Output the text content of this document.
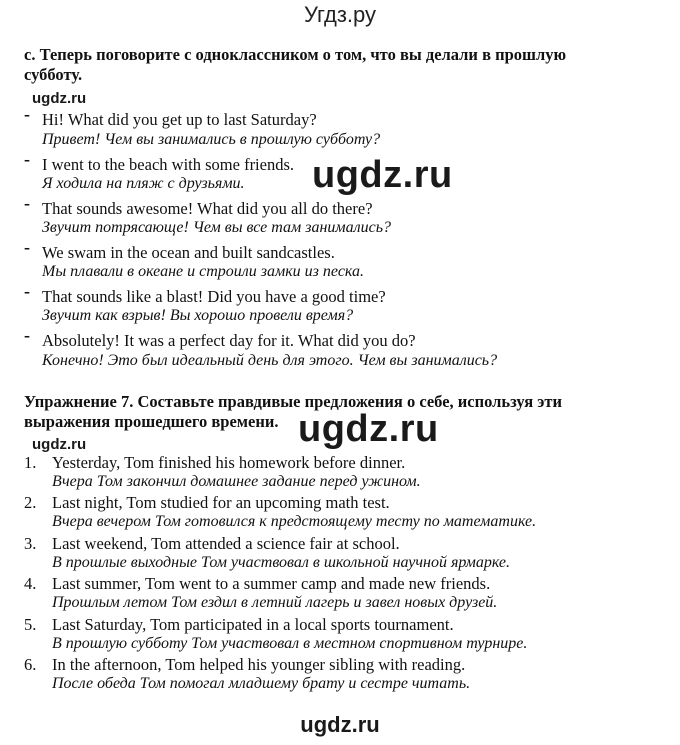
Угдз.ру
c. Теперь поговорите с одноклассником о том, что вы делали в прошлую
субботу.
ugdz.ru
- Hi! What did you get up to last Saturday?
Привет! Чем вы занимались в прошлую субботу?
- I went to the beach with some friends.
Я ходила на пляж с друзьями.
- That sounds awesome! What did you all do there?
Звучит потрясающе! Чем вы все там занимались?
- We swam in the ocean and built sandcastles.
Мы плавали в океане и строили замки из песка.
- That sounds like a blast! Did you have a good time?
Звучит как взрыв! Вы хорошо провели время?
- Absolutely! It was a perfect day for it. What did you do?
Конечно! Это был идеальный день для этого. Чем вы занимались?
ugdz.ru
Упражнение 7. Составьте правдивые предложения о себе, используя эти
выражения прошедшего времени.
ugdz.ru	ugdz.ru
1. Yesterday, Tom finished his homework before dinner.
Вчера Том закончил домашнее задание перед ужином.
2. Last night, Tom studied for an upcoming math test.
Вчера вечером Том готовился к предстоящему тесту по математике.
3. Last weekend, Tom attended a science fair at school.
В прошлые выходные Том участвовал в школьной научной ярмарке.
4. Last summer, Tom went to a summer camp and made new friends.
Прошлым летом Том ездил в летний лагерь и завел новых друзей.
5. Last Saturday, Tom participated in a local sports tournament.
В прошлую субботу Том участвовал в местном спортивном турнире.
6. In the afternoon, Tom helped his younger sibling with reading.
После обеда Том помогал младшему брату и сестре читать.
ugdz.ru
